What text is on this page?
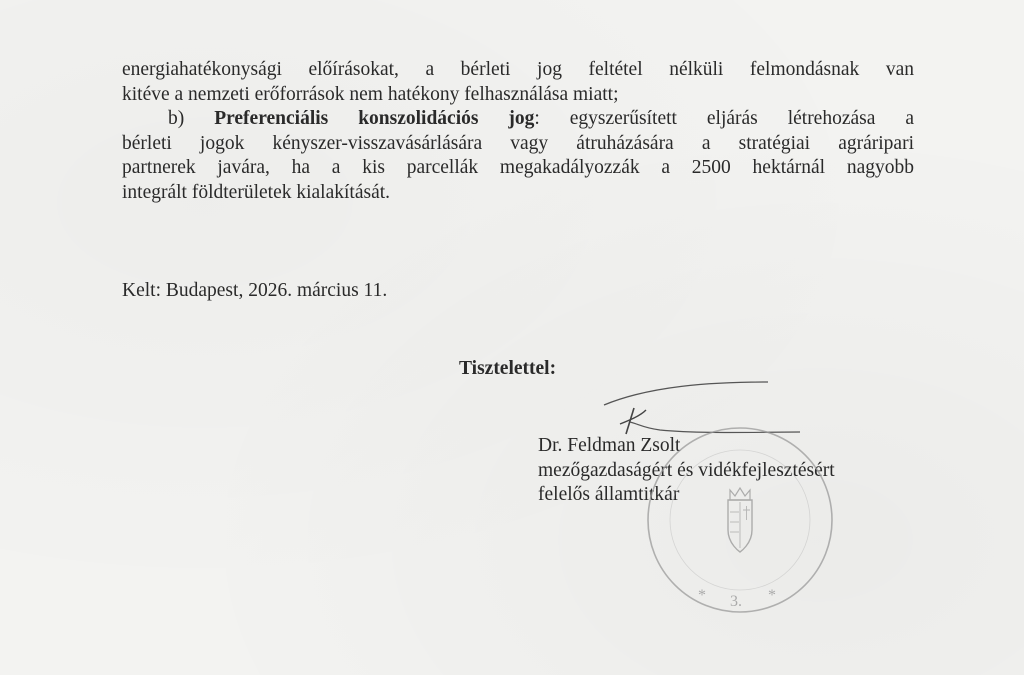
energiahatékonysági előírásokat, a bérleti jog feltétel nélküli felmondásnak van

kitéve a nemzeti erőforrások nem hatékony felhasználása miatt;

b) Preferenciális konszolidációs jog: egyszerűsített eljárás létrehozása a

bérleti jogok kényszer-visszavásárlására vagy átruházására a stratégiai agráripari

partnerek javára, ha a kis parcellák megakadályozzák a 2500 hektárnál nagyobb

integrált földterületek kialakítását.

Kelt: Budapest, 2026. március 11.
Tisztelettel:
Dr. Feldman Zsolt
mezőgazdaságért és vidékfejlesztésért
felelős államtitkár
* 3. *
